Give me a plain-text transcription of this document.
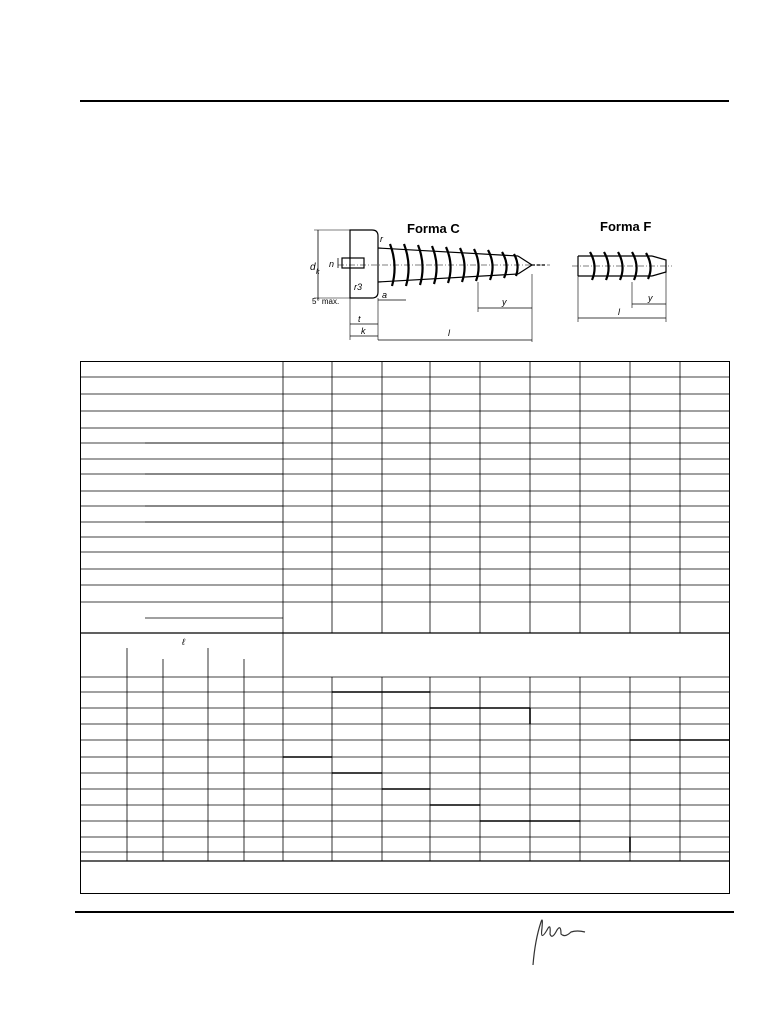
Forma C	Forma F
d k
n
r
r3
5° max.
a
y
t
k	l
y
l
ℓ
